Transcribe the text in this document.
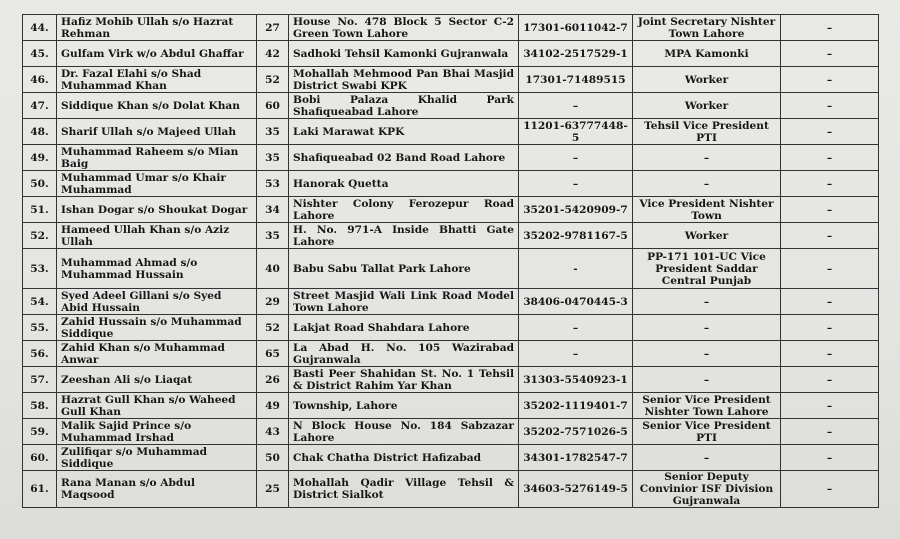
44.	Hafiz Mohib Ullah s/o Hazrat Rehman	27	House No. 478 Block 5 Sector C-2 Green Town Lahore	17301-6011042-7	Joint Secretary Nishter Town Lahore	–
45.	Gulfam Virk w/o Abdul Ghaffar	42	Sadhoki Tehsil Kamonki Gujranwala	34102-2517529-1	MPA Kamonki	–
46.	Dr. Fazal Elahi s/o Shad Muhammad Khan	52	Mohallah Mehmood Pan Bhai Masjid District Swabi KPK	17301-71489515	Worker	–
47.	Siddique Khan s/o Dolat Khan	60	Bobi Palaza Khalid Park Shafiqueabad Lahore	–	Worker	–
48.	Sharif Ullah s/o Majeed Ullah	35	Laki Marawat KPK	11201-63777448-5	Tehsil Vice President PTI	–
49.	Muhammad Raheem s/o Mian Baig	35	Shafiqueabad 02 Band Road Lahore	–	–	–
50.	Muhammad Umar s/o Khair Muhammad	53	Hanorak Quetta	–	–	–
51.	Ishan Dogar s/o Shoukat Dogar	34	Nishter Colony Ferozepur Road Lahore	35201-5420909-7	Vice President Nishter Town	–
52.	Hameed Ullah Khan s/o Aziz Ullah	35	H. No. 971-A Inside Bhatti Gate Lahore	35202-9781167-5	Worker	–
53.	Muhammad Ahmad s/o Muhammad Hussain	40	Babu Sabu Tallat Park Lahore	-	PP-171 101-UC Vice President Saddar Central Punjab	–
54.	Syed Adeel Gillani s/o Syed Abid Hussain	29	Street Masjid Wali Link Road Model Town Lahore	38406-0470445-3	–	–
55.	Zahid Hussain s/o Muhammad Siddique	52	Lakjat Road Shahdara Lahore	–	–	–
56.	Zahid Khan s/o Muhammad Anwar	65	La Abad H. No. 105 Wazirabad Gujranwala	–	–	–
57.	Zeeshan Ali s/o Liaqat	26	Basti Peer Shahidan St. No. 1 Tehsil & District Rahim Yar Khan	31303-5540923-1	–	–
58.	Hazrat Gull Khan s/o Waheed Gull Khan	49	Township, Lahore	35202-1119401-7	Senior Vice President Nishter Town Lahore	–
59.	Malik Sajid Prince s/o Muhammad Irshad	43	N Block House No. 184 Sabzazar Lahore	35202-7571026-5	Senior Vice President PTI	–
60.	Zulifiqar s/o Muhammad Siddique	50	Chak Chatha District Hafizabad	34301-1782547-7	–	–
61.	Rana Manan s/o Abdul Maqsood	25	Mohallah Qadir Village Tehsil & District Sialkot	34603-5276149-5	Senior Deputy Convinior ISF Division Gujranwala	–
